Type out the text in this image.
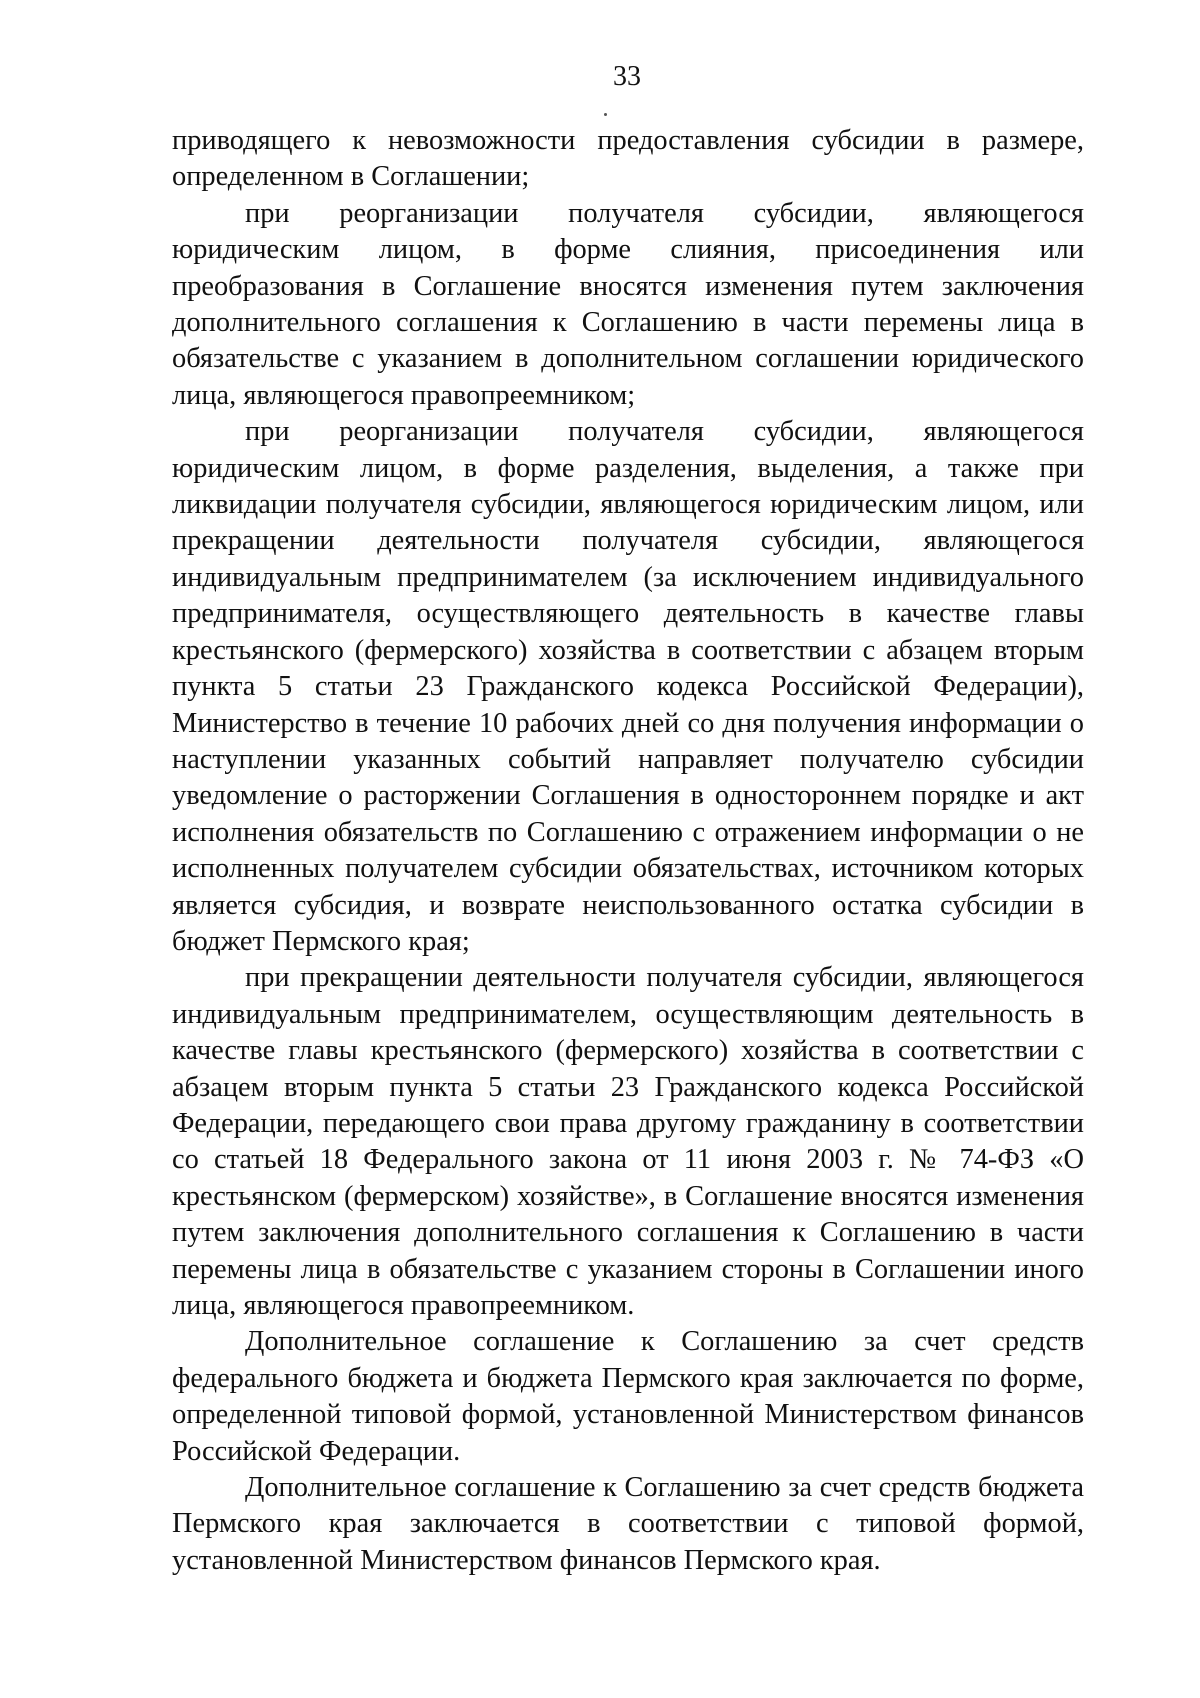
33

приводящего к невозможности предоставления субсидии в размере, определенном в Соглашении;

при реорганизации получателя субсидии, являющегося юридическим лицом, в форме слияния, присоединения или преобразования в Соглашение вносятся изменения путем заключения дополнительного соглашения к Соглашению в части перемены лица в обязательстве с указанием в дополнительном соглашении юридического лица, являющегося правопреемником;

при реорганизации получателя субсидии, являющегося юридическим лицом, в форме разделения, выделения, а также при ликвидации получателя субсидии, являющегося юридическим лицом, или прекращении деятельности получателя субсидии, являющегося индивидуальным предпринимателем (за исключением индивидуального предпринимателя, осуществляющего деятельность в качестве главы крестьянского (фермерского) хозяйства в соответствии с абзацем вторым пункта 5 статьи 23 Гражданского кодекса Российской Федерации), Министерство в течение 10 рабочих дней со дня получения информации о наступлении указанных событий направляет получателю субсидии уведомление о расторжении Соглашения в одностороннем порядке и акт исполнения обязательств по Соглашению с отражением информации о не исполненных получателем субсидии обязательствах, источником которых является субсидия, и возврате неиспользованного остатка субсидии в бюджет Пермского края;

при прекращении деятельности получателя субсидии, являющегося индивидуальным предпринимателем, осуществляющим деятельность в качестве главы крестьянского (фермерского) хозяйства в соответствии с абзацем вторым пункта 5 статьи 23 Гражданского кодекса Российской Федерации, передающего свои права другому гражданину в соответствии со статьей 18 Федерального закона от 11 июня 2003 г. № 74-ФЗ «О крестьянском (фермерском) хозяйстве», в Соглашение вносятся изменения путем заключения дополнительного соглашения к Соглашению в части перемены лица в обязательстве с указанием стороны в Соглашении иного лица, являющегося правопреемником.

Дополнительное соглашение к Соглашению за счет средств федерального бюджета и бюджета Пермского края заключается по форме, определенной типовой формой, установленной Министерством финансов Российской Федерации.

Дополнительное соглашение к Соглашению за счет средств бюджета Пермского края заключается в соответствии с типовой формой, установленной Министерством финансов Пермского края.
